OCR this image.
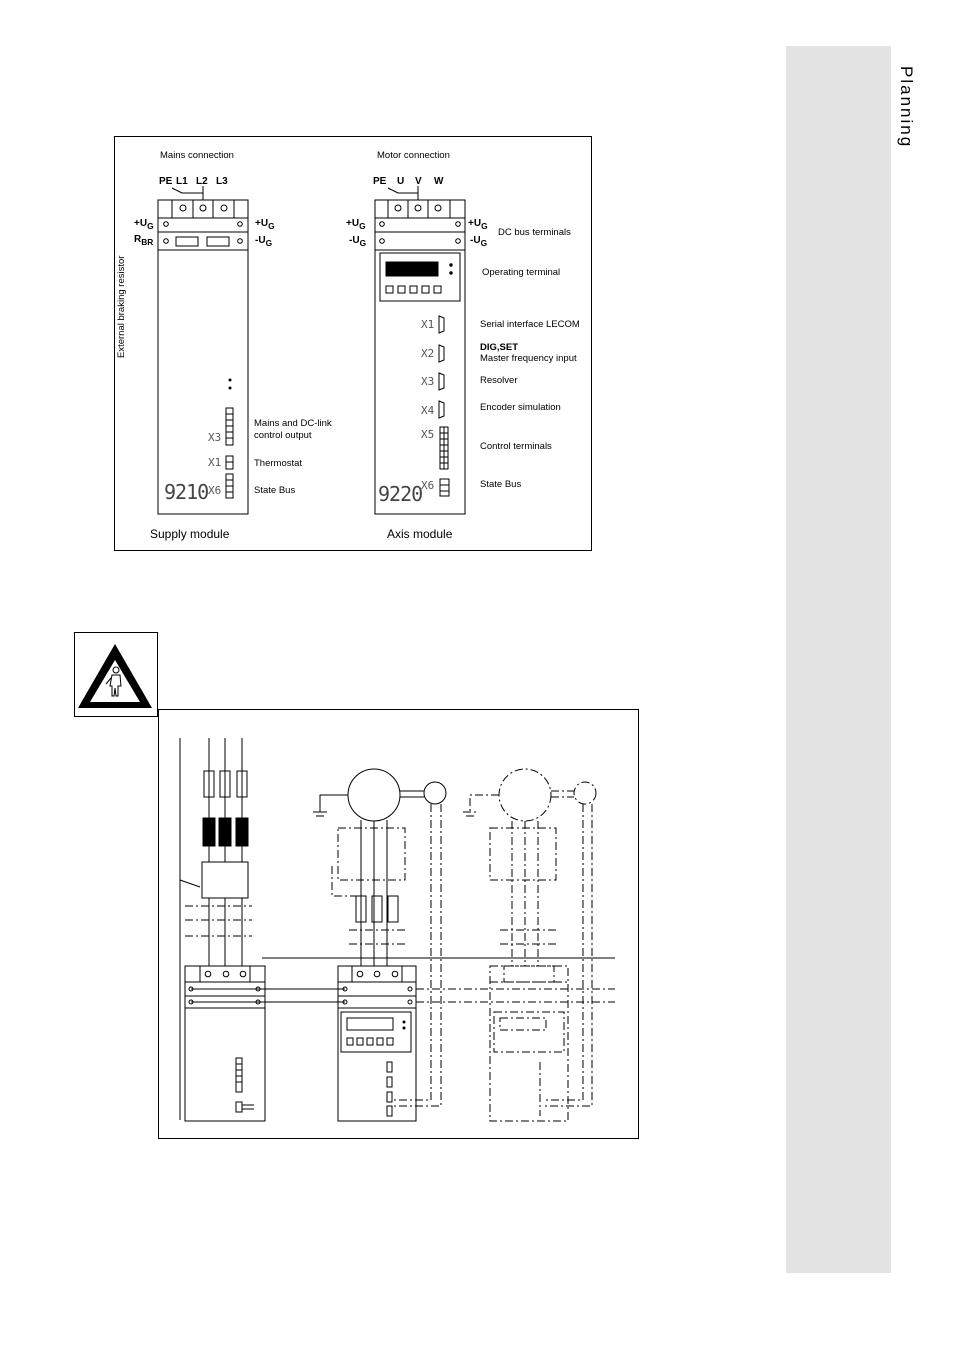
Planning
Mains connection	Motor connection
PE L1 L2 L3	PE U V W
$+U_G$
$R_{BR}$
$+U_G$
$-U_G$
$+U_G$
$-U_G$
$+U_G$
$-U_G$
External braking resistor
DC bus terminals
Operating terminal
Serial interface LECOM
DIG,SET
Master frequency input
Resolver
Encoder simulation
Control terminals
State Bus
Mains and DC-link
control output
Thermostat
State Bus
Supply module	Axis module
9210	9220
X3
X1
X6
X1
X2
X3
X4
X5
X6
